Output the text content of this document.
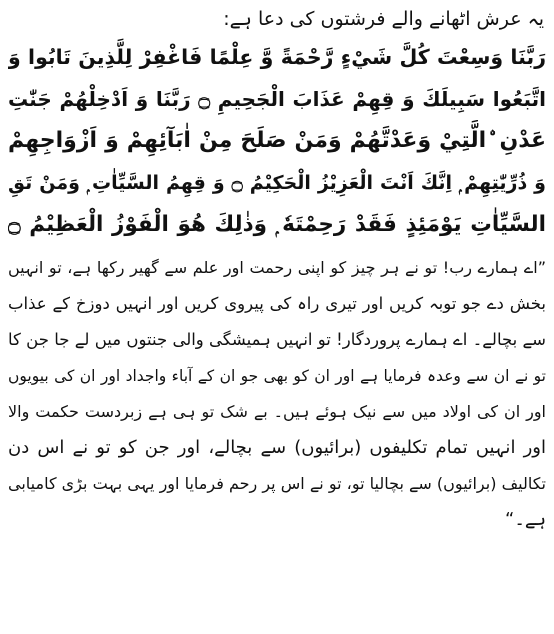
یہ عرش اٹھانے والے فرشتوں کی دعا ہے:

رَبَّنَا وَسِعْتَ كُلَّ شَيْءٍ رَّحْمَةً وَّ عِلْمًا فَاغْفِرْ لِلَّذِينَ تَابُوا وَ
اتَّبَعُوا سَبِيلَكَ وَ قِهِمْ عَذَابَ الْجَحِيمِ ۝ رَبَّنَا وَ اَدْخِلْهُمْ جَنّٰتِ
عَدْنِ ۨالَّتِيْ وَعَدْتَّهُمْ وَمَنْ صَلَحَ مِنْ اٰبَآئِهِمْ وَ اَزْوَاجِهِمْ
وَ ذُرِّيّٰتِهِمْ ۭ اِنَّكَ اَنْتَ الْعَزِيْزُ الْحَكِيْمُ ۝ وَ قِهِمُ السَّيِّاٰتِ ۭ وَمَنْ تَقِ
السَّيِّاٰتِ يَوْمَئِذٍ فَقَدْ رَحِمْتَهٗ ۭ وَذٰلِكَ هُوَ الْفَوْزُ الْعَظِيْمُ ۝
”اے ہمارے رب! تو نے ہر چیز کو اپنی رحمت اور علم سے گھیر رکھا ہے، تو انہیں
بخش دے جو توبہ کریں اور تیری راہ کی پیروی کریں اور انہیں دوزخ کے عذاب
سے بچالے۔ اے ہمارے پروردگار! تو انہیں ہمیشگی والی جنتوں میں لے جا جن کا
تو نے ان سے وعدہ فرمایا ہے اور ان کو بھی جو ان کے آباء واجداد اور ان کی بیویوں
اور ان کی اولاد میں سے نیک ہوئے ہیں۔ بے شک تو ہی ہے زبردست حکمت والا
اور انہیں تمام تکلیفوں (برائیوں) سے بچالے، اور جن کو تو نے اس دن
تکالیف (برائیوں) سے بچالیا تو، تو نے اس پر رحم فرمایا اور یہی بہت بڑی کامیابی
ہے۔“
